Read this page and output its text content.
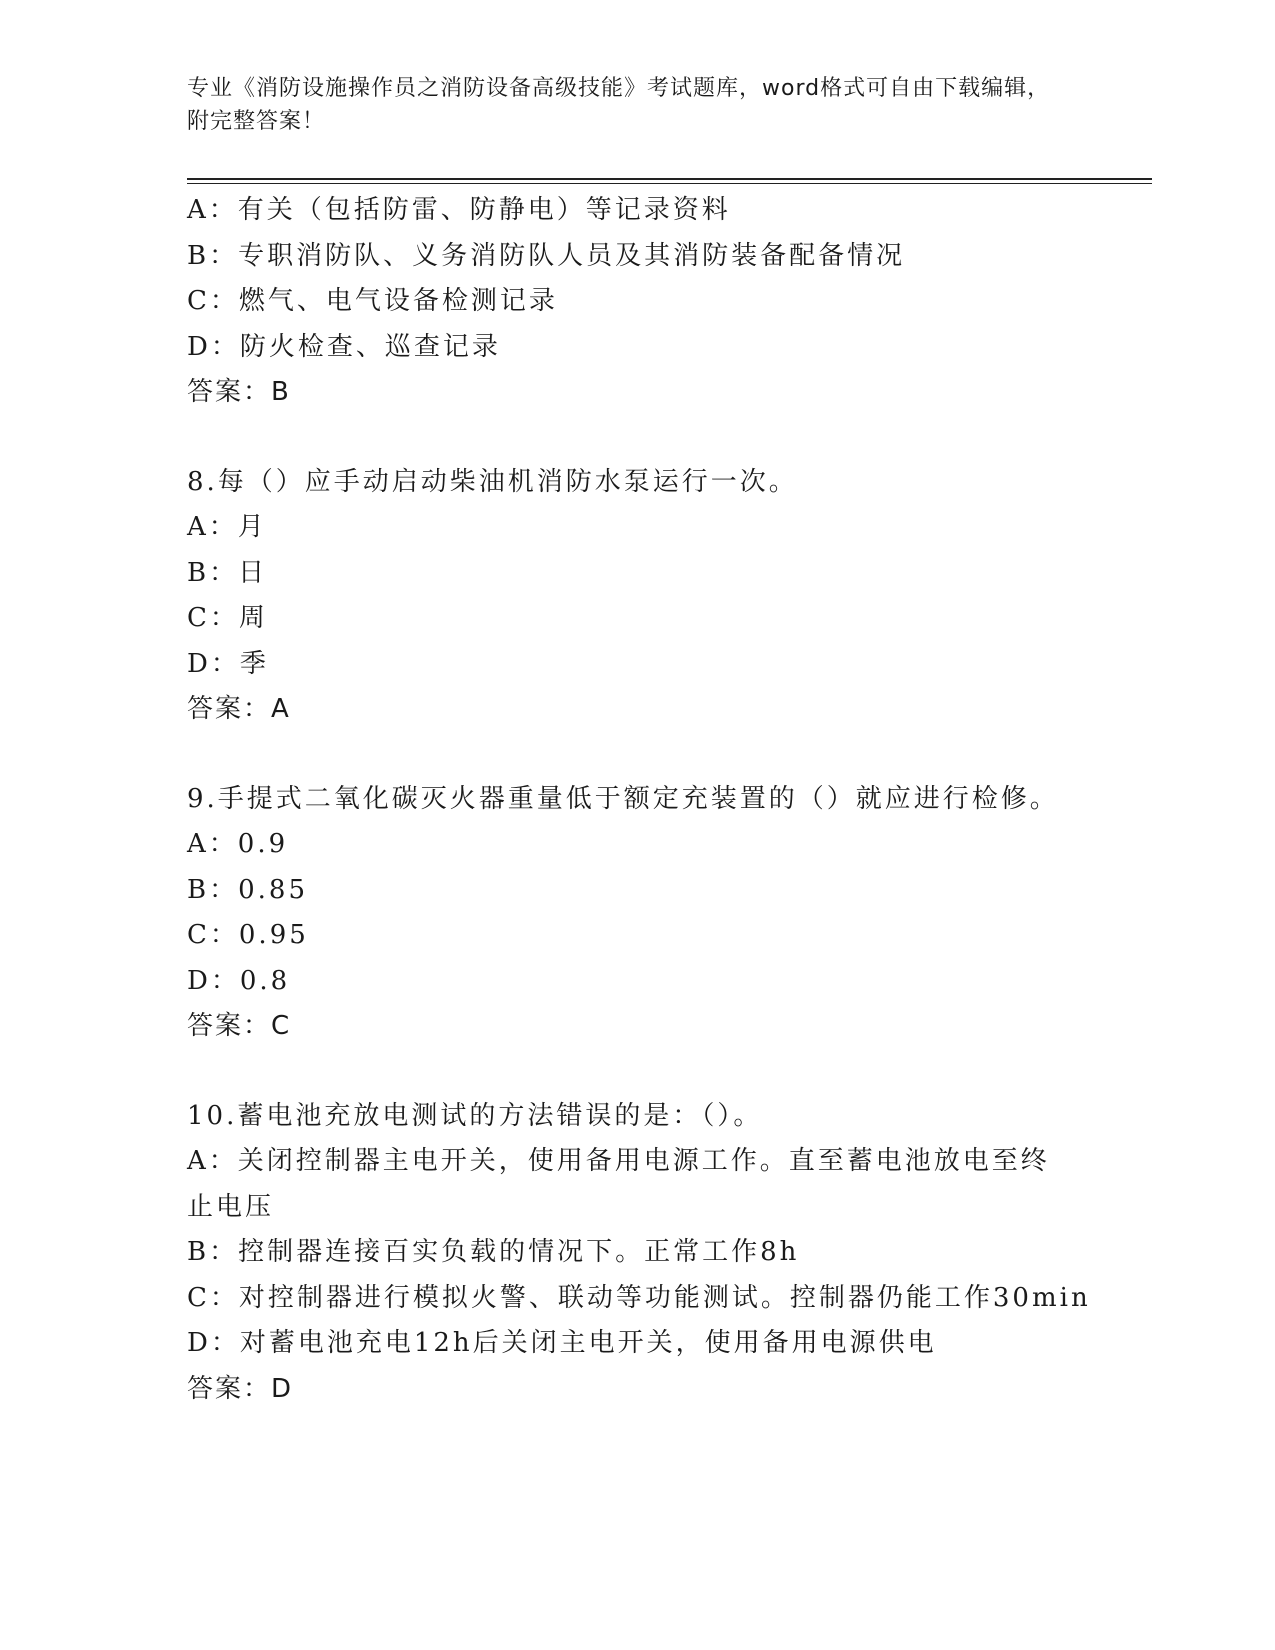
专业《消防设施操作员之消防设备高级技能》考试题库，word格式可自由下载编辑，附完整答案！
A：有关（包括防雷、防静电）等记录资料
B：专职消防队、义务消防队人员及其消防装备配备情况
C：燃气、电气设备检测记录
D：防火检查、巡查记录
答案：B
8.每（）应手动启动柴油机消防水泵运行一次。
A：月
B：日
C：周
D：季
答案：A
9.手提式二氧化碳灭火器重量低于额定充装置的（）就应进行检修。
A：0.9
B：0.85
C：0.95
D：0.8
答案：C
10.蓄电池充放电测试的方法错误的是：（）。
A：关闭控制器主电开关，使用备用电源工作。直至蓄电池放电至终止电压
B：控制器连接百实负载的情况下。正常工作8h
C：对控制器进行模拟火警、联动等功能测试。控制器仍能工作30min
D：对蓄电池充电12h后关闭主电开关，使用备用电源供电
答案：D
